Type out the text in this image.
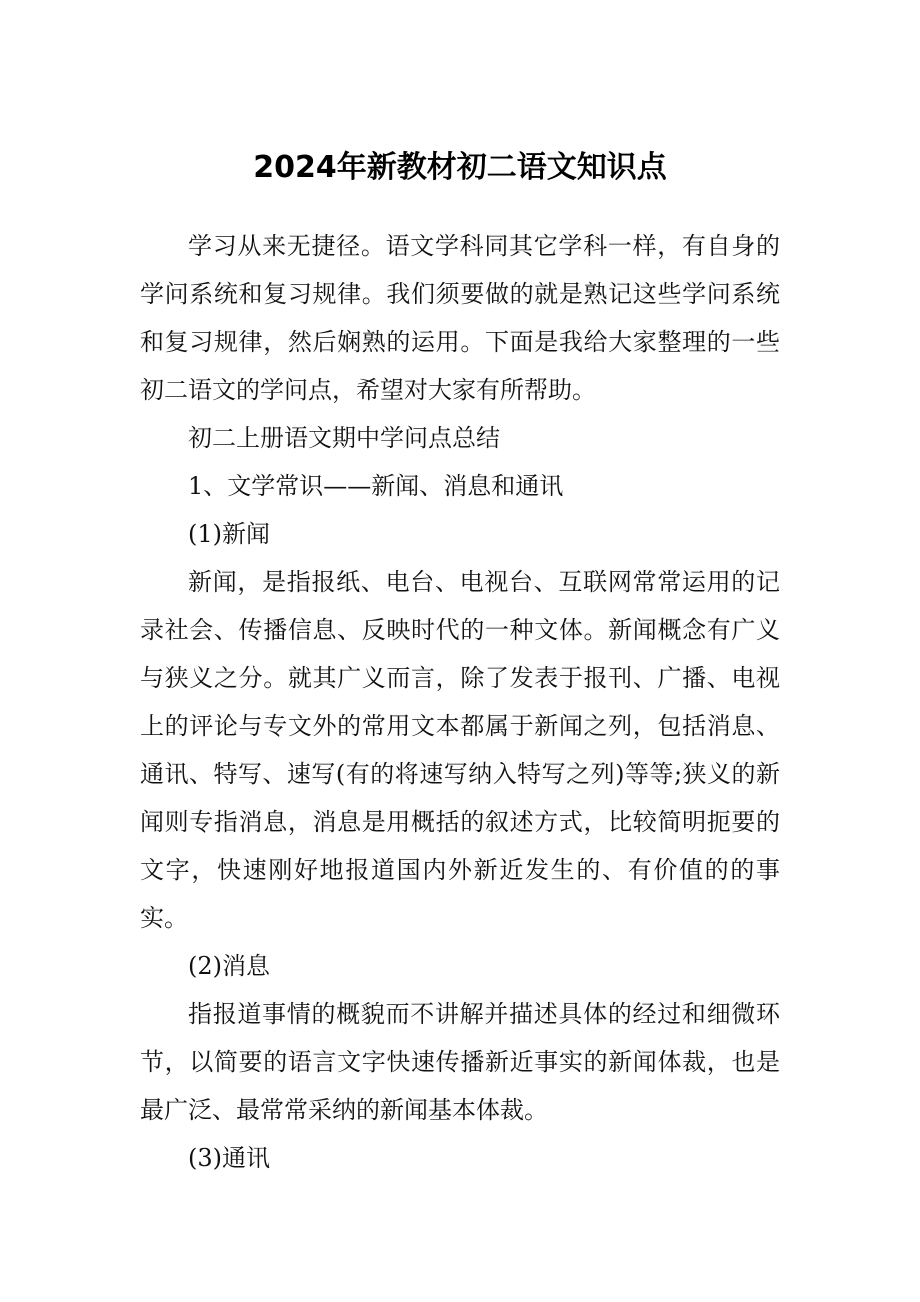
2024年新教材初二语文知识点

学习从来无捷径。语文学科同其它学科一样，有自身的学问系统和复习规律。我们须要做的就是熟记这些学问系统和复习规律，然后娴熟的运用。下面是我给大家整理的一些初二语文的学问点，希望对大家有所帮助。

初二上册语文期中学问点总结

1、文学常识——新闻、消息和通讯

(1)新闻

新闻，是指报纸、电台、电视台、互联网常常运用的记录社会、传播信息、反映时代的一种文体。新闻概念有广义与狭义之分。就其广义而言，除了发表于报刊、广播、电视上的评论与专文外的常用文本都属于新闻之列，包括消息、通讯、特写、速写(有的将速写纳入特写之列)等等;狭义的新闻则专指消息，消息是用概括的叙述方式，比较简明扼要的文字，快速刚好地报道国内外新近发生的、有价值的的事实。

(2)消息

指报道事情的概貌而不讲解并描述具体的经过和细微环节，以简要的语言文字快速传播新近事实的新闻体裁，也是最广泛、最常常采纳的新闻基本体裁。

(3)通讯
